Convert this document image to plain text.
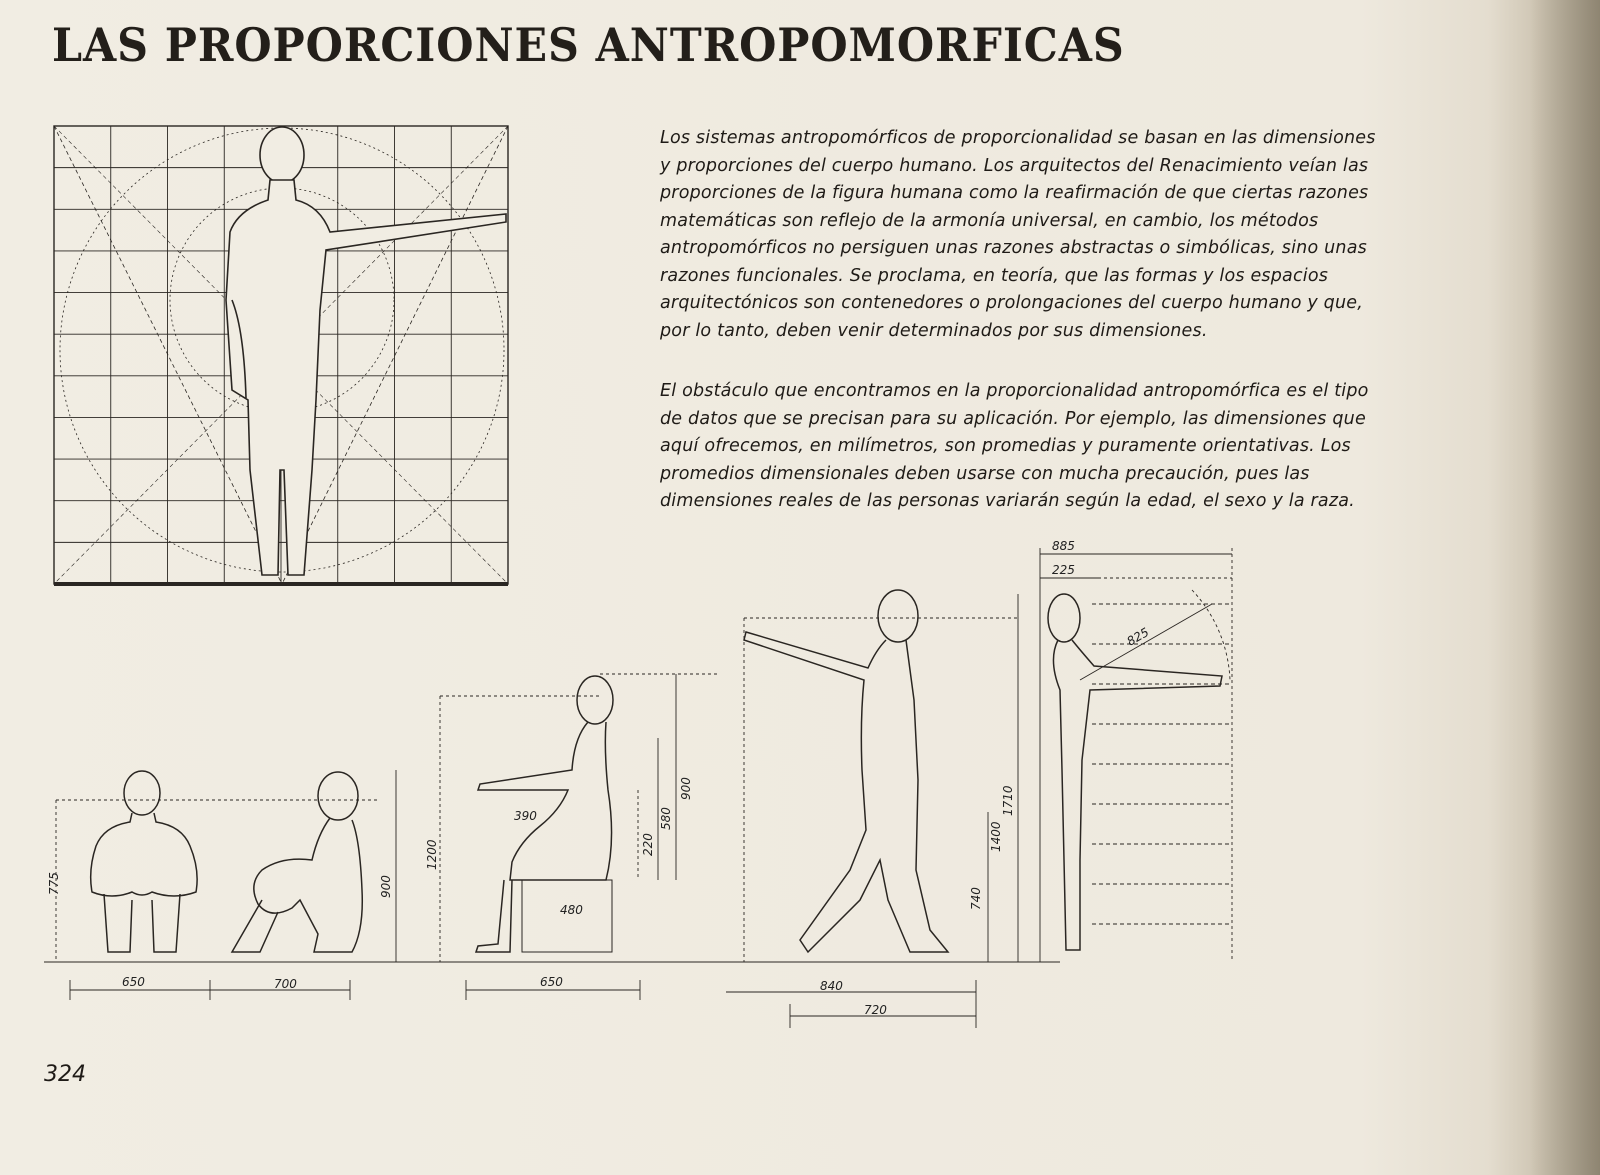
LAS PROPORCIONES ANTROPOMORFICAS
775
650	700
900
1200
390
220
580
900
480
650
740
1400
1710
840
720
885
225
825
Los sistemas antropomórficos de proporcionalidad se basan en las dimensiones
y proporciones del cuerpo humano. Los arquitectos del Renacimiento veían las
proporciones de la figura humana como la reafirmación de que ciertas razones
matemáticas son reflejo de la armonía universal, en cambio, los métodos
antropomórficos no persiguen unas razones abstractas o simbólicas, sino unas
razones funcionales. Se proclama, en teoría, que las formas y los espacios
arquitectónicos son contenedores o prolongaciones del cuerpo humano y que,
por lo tanto, deben venir determinados por sus dimensiones.
El obstáculo que encontramos en la proporcionalidad antropomórfica es el tipo
de datos que se precisan para su aplicación. Por ejemplo, las dimensiones que
aquí ofrecemos, en milímetros, son promedias y puramente orientativas. Los
promedios dimensionales deben usarse con mucha precaución, pues las
dimensiones reales de las personas variarán según la edad, el sexo y la raza.
324
